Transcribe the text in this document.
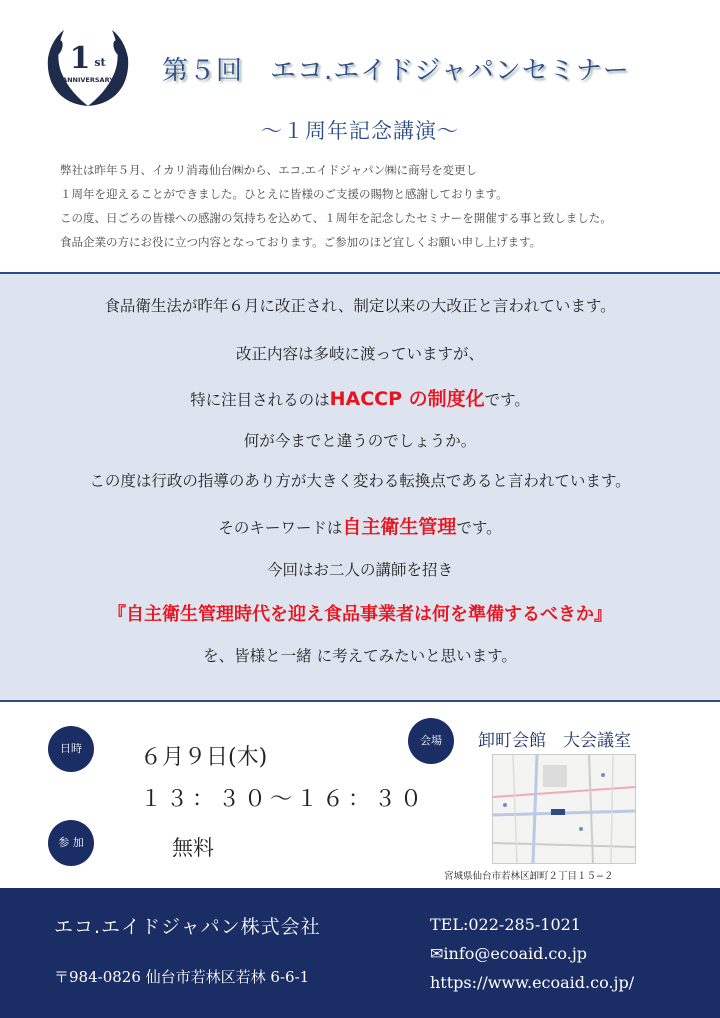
1 st
ANNIVERSARY 第５回　エコ.エイドジャパンセミナー
〜１周年記念講演〜
弊社は昨年５月、イカリ消毒仙台㈱から、エコ.エイドジャパン㈱に商号を変更し
１周年を迎えることができました。ひとえに皆様のご支援の賜物と感謝しております。
この度、日ごろの皆様への感謝の気持ちを込めて、１周年を記念したセミナーを開催する事と致しました。
食品企業の方にお役に立つ内容となっております。ご参加のほど宜しくお願い申し上げます。
食品衛生法が昨年６月に改正され、制定以来の大改正と言われています。
改正内容は多岐に渡っていますが、
特に注目されるのはHACCP の制度化です。
何が今までと違うのでしょうか。
この度は行政の指導のあり方が大きく変わる転換点であると言われています。
そのキーワードは自主衛生管理です。
今回はお二人の講師を招き
『自主衛生管理時代を迎え食品事業者は何を準備するべきか』
を、皆様と一緒 に考えてみたいと思います。
日時	６月９日(木)
１３：３０〜１６：３０
参 加	無料
会場	卸町会館　大会議室
宮城県仙台市若林区卸町２丁目１５−２
エコ.エイドジャパン株式会社
〒984-0826 仙台市若林区若林 6-6-1
TEL:022-285-1021
✉info@ecoaid.co.jp
https://www.ecoaid.co.jp/
